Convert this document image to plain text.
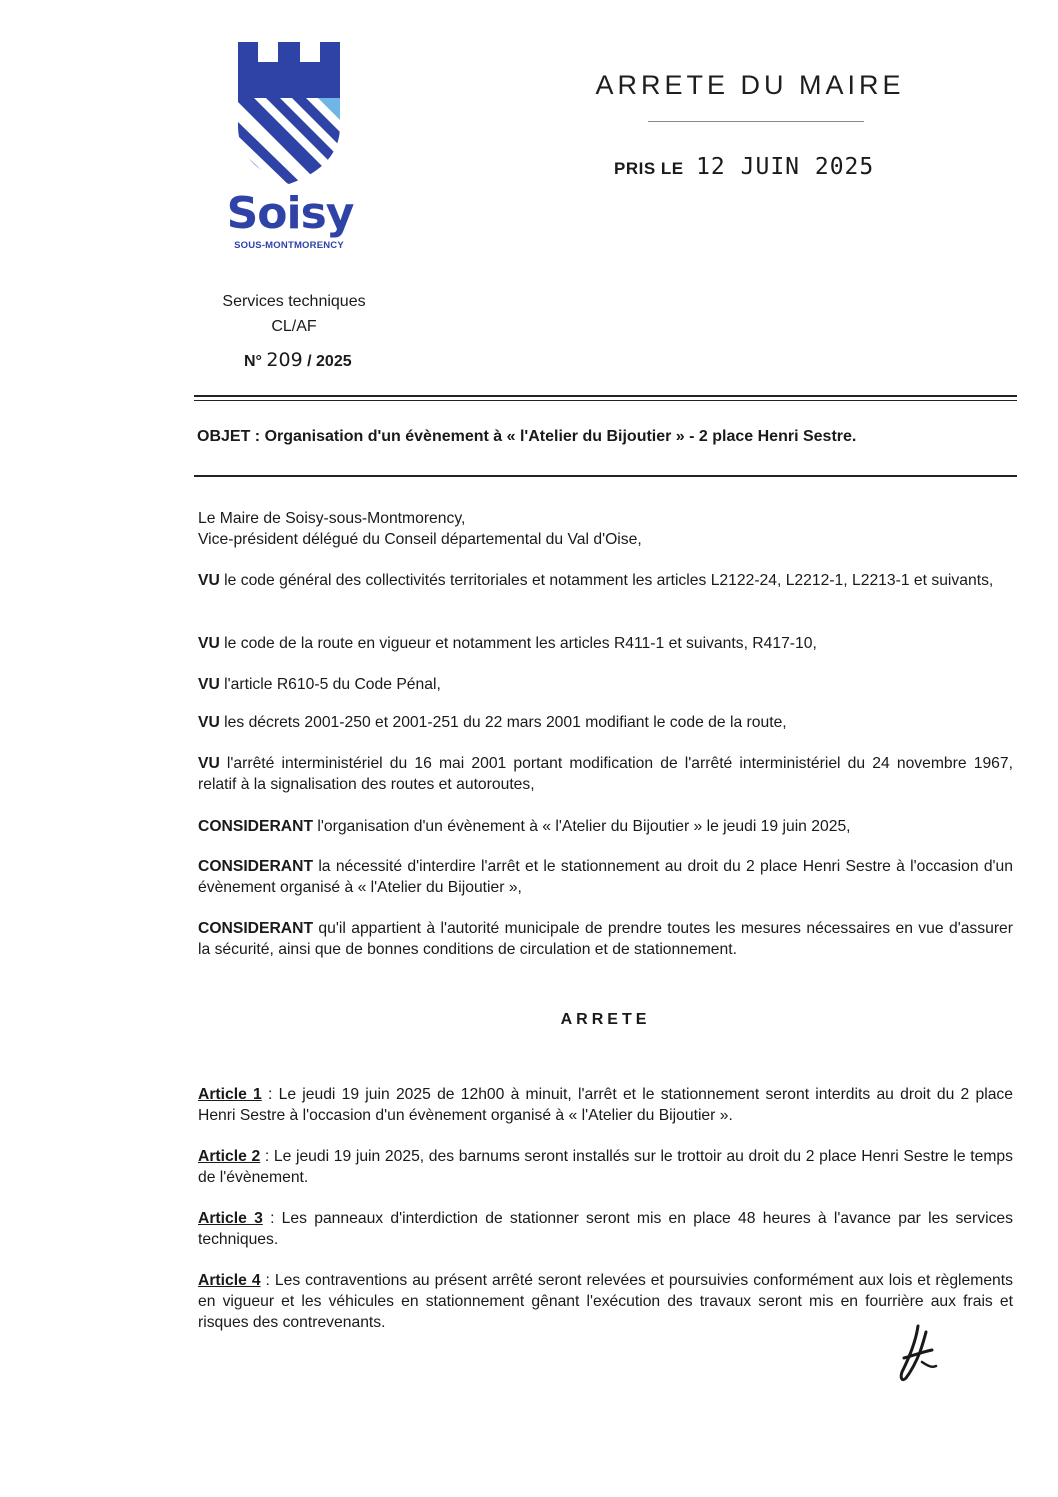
Soisy
SOUS-MONTMORENCY
ARRETE DU MAIRE
PRIS LE 12 JUIN 2025
Services techniques
CL/AF
N° 209 / 2025
OBJET : Organisation d'un évènement à « l'Atelier du Bijoutier » - 2 place Henri Sestre.

Le Maire de Soisy-sous-Montmorency,

Vice-président délégué du Conseil départemental du Val d'Oise,

VU le code général des collectivités territoriales et notamment les articles L2122-24, L2212-1, L2213-1 et suivants,

VU le code de la route en vigueur et notamment les articles R411-1 et suivants, R417-10,

VU l'article R610-5 du Code Pénal,

VU les décrets 2001-250 et 2001-251 du 22 mars 2001 modifiant le code de la route,

VU l'arrêté interministériel du 16 mai 2001 portant modification de l'arrêté interministériel du 24 novembre 1967, relatif à la signalisation des routes et autoroutes,

CONSIDERANT l'organisation d'un évènement à « l'Atelier du Bijoutier » le jeudi 19 juin 2025,

CONSIDERANT la nécessité d'interdire l'arrêt et le stationnement au droit du 2 place Henri Sestre à l'occasion d'un évènement organisé à « l'Atelier du Bijoutier »,

CONSIDERANT qu'il appartient à l'autorité municipale de prendre toutes les mesures nécessaires en vue d'assurer la sécurité, ainsi que de bonnes conditions de circulation et de stationnement.

ARRETE

Article 1 : Le jeudi 19 juin 2025 de 12h00 à minuit, l'arrêt et le stationnement seront interdits au droit du 2 place Henri Sestre à l'occasion d'un évènement organisé à « l'Atelier du Bijoutier ».

Article 2 : Le jeudi 19 juin 2025, des barnums seront installés sur le trottoir au droit du 2 place Henri Sestre le temps de l'évènement.

Article 3 : Les panneaux d'interdiction de stationner seront mis en place 48 heures à l'avance par les services techniques.

Article 4 : Les contraventions au présent arrêté seront relevées et poursuivies conformément aux lois et règlements en vigueur et les véhicules en stationnement gênant l'exécution des travaux seront mis en fourrière aux frais et risques des contrevenants.
